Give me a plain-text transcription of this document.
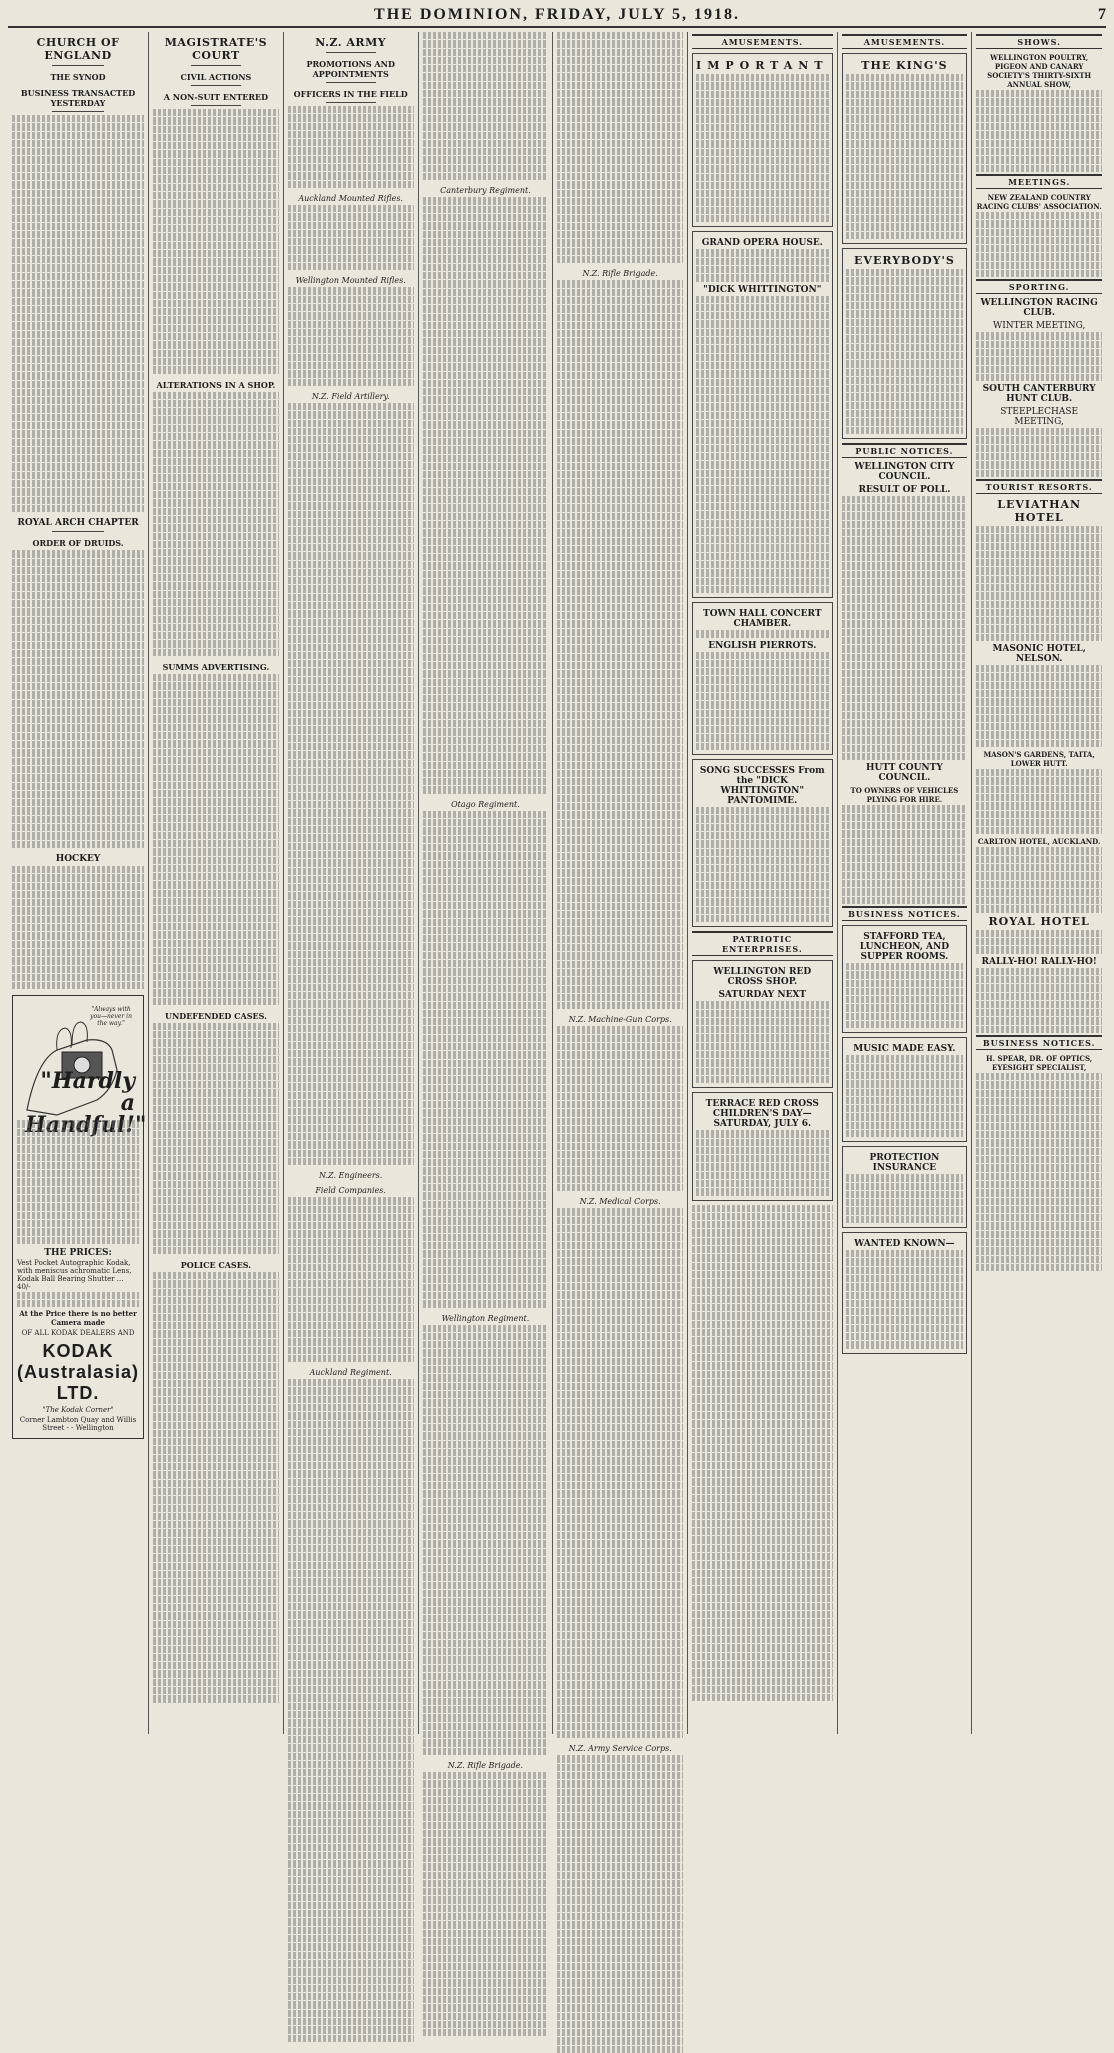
THE DOMINION, FRIDAY, JULY 5, 1918.	7
CHURCH OF ENGLAND
THE SYNOD
BUSINESS TRANSACTED YESTERDAY
ROYAL ARCH CHAPTER
ORDER OF DRUIDS.
HOCKEY
"Always with you—never in the way."
"Hardly a Handful!"
THE PRICES:
Vest Pocket Autographic Kodak, with meniscus achromatic Lens, Kodak Ball Bearing Shutter ... 40/-
At the Price there is no better Camera made
OF ALL KODAK DEALERS AND
KODAK (Australasia) LTD.
"The Kodak Corner"
Corner Lambton Quay and Willis Street - - Wellington
MAGISTRATE'S COURT
CIVIL ACTIONS
A NON-SUIT ENTERED
ALTERATIONS IN A SHOP.
SUMMS ADVERTISING.
UNDEFENDED CASES.
POLICE CASES.
N.Z. ARMY
PROMOTIONS AND APPOINTMENTS
OFFICERS IN THE FIELD
Auckland Mounted Rifles.
Wellington Mounted Rifles.
N.Z. Field Artillery.
N.Z. Engineers.
Field Companies.
Auckland Regiment.
Canterbury Regiment.
Otago Regiment.
Wellington Regiment.
N.Z. Rifle Brigade.
N.Z. Rifle Brigade.
N.Z. Machine-Gun Corps.
N.Z. Medical Corps.
N.Z. Army Service Corps.
AMUSEMENTS.
IMPORTANT
GRAND OPERA HOUSE.
"DICK WHITTINGTON"
TOWN HALL CONCERT CHAMBER.
ENGLISH PIERROTS.
SONG SUCCESSES From the "DICK WHITTINGTON" PANTOMIME.
PATRIOTIC ENTERPRISES.
WELLINGTON RED CROSS SHOP.
SATURDAY NEXT
TERRACE RED CROSS CHILDREN'S DAY—SATURDAY, JULY 6.
AMUSEMENTS.
THE KING'S
EVERYBODY'S
PUBLIC NOTICES.
WELLINGTON CITY COUNCIL.
RESULT OF POLL.
HUTT COUNTY COUNCIL.
TO OWNERS OF VEHICLES PLYING FOR HIRE.
BUSINESS NOTICES.
STAFFORD TEA, LUNCHEON, AND SUPPER ROOMS.
MUSIC MADE EASY.
PROTECTION INSURANCE
WANTED KNOWN—
SHOWS.
WELLINGTON POULTRY, PIGEON AND CANARY SOCIETY'S THIRTY-SIXTH ANNUAL SHOW,
MEETINGS.
NEW ZEALAND COUNTRY RACING CLUBS' ASSOCIATION.
SPORTING.
WELLINGTON RACING CLUB.
WINTER MEETING,
SOUTH CANTERBURY HUNT CLUB.
STEEPLECHASE MEETING,
TOURIST RESORTS.
LEVIATHAN HOTEL
MASONIC HOTEL, NELSON.
MASON'S GARDENS, TAITA, LOWER HUTT.
CARLTON HOTEL, AUCKLAND.
ROYAL HOTEL
RALLY-HO! RALLY-HO!
BUSINESS NOTICES.
H. SPEAR, DR. OF OPTICS, EYESIGHT SPECIALIST,
